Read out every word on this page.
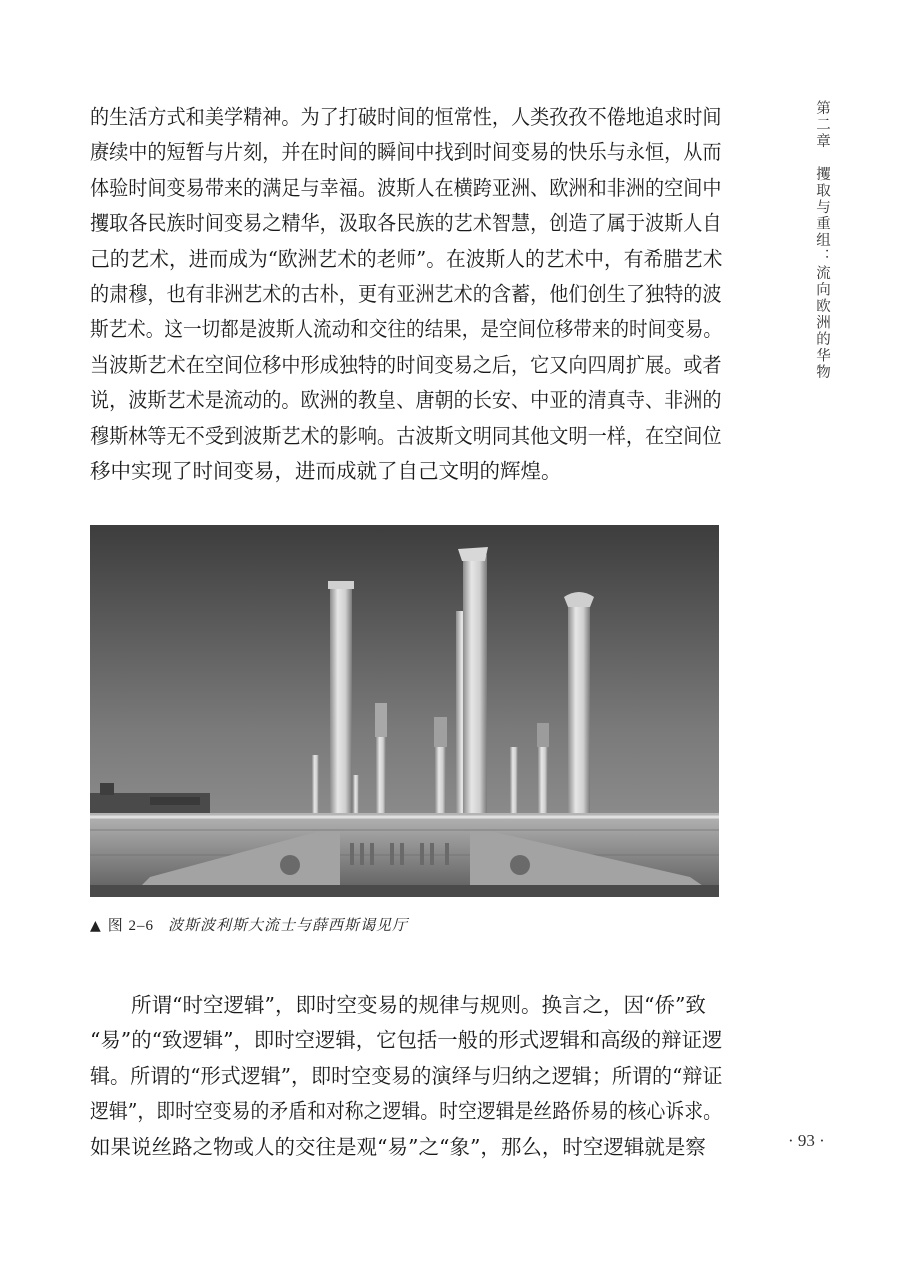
的生活方式和美学精神。为了打破时间的恒常性，人类孜孜不倦地追求时间
赓续中的短暂与片刻，并在时间的瞬间中找到时间变易的快乐与永恒，从而
体验时间变易带来的满足与幸福。波斯人在横跨亚洲、欧洲和非洲的空间中
攫取各民族时间变易之精华，汲取各民族的艺术智慧，创造了属于波斯人自
己的艺术，进而成为“欧洲艺术的老师”。在波斯人的艺术中，有希腊艺术
的肃穆，也有非洲艺术的古朴，更有亚洲艺术的含蓄，他们创生了独特的波
斯艺术。这一切都是波斯人流动和交往的结果，是空间位移带来的时间变易。
当波斯艺术在空间位移中形成独特的时间变易之后，它又向四周扩展。或者
说，波斯艺术是流动的。欧洲的教皇、唐朝的长安、中亚的清真寺、非洲的
穆斯林等无不受到波斯艺术的影响。古波斯文明同其他文明一样，在空间位
移中实现了时间变易，进而成就了自己文明的辉煌。
第二章　攫取与重组：流向欧洲的华物
▲ 图 2–6 波斯波利斯大流士与薛西斯谒见厅
所谓“时空逻辑”，即时空变易的规律与规则。换言之，因“侨”致
“易”的“致逻辑”，即时空逻辑，它包括一般的形式逻辑和高级的辩证逻
辑。所谓的“形式逻辑”，即时空变易的演绎与归纳之逻辑；所谓的“辩证
逻辑”，即时空变易的矛盾和对称之逻辑。时空逻辑是丝路侨易的核心诉求。
如果说丝路之物或人的交往是观“易”之“象”，那么，时空逻辑就是察	· 93 ·
